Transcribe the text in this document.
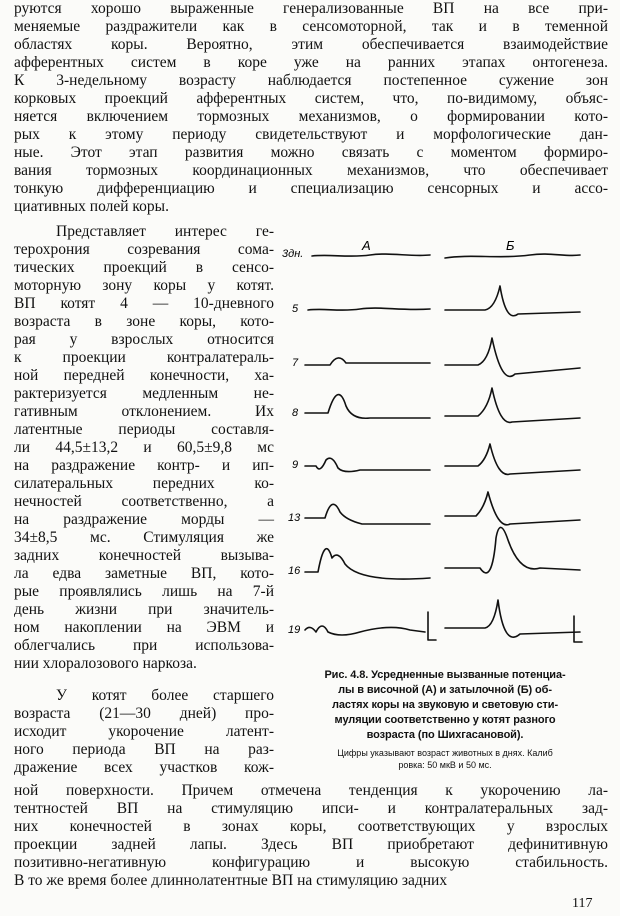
руются хорошо выраженные генерализованные ВП на все при-
меняемые раздражители как в сенсомоторной, так и в теменной
областях коры. Вероятно, этим обеспечивается взаимодействие
афферентных систем в коре уже на ранних этапах онтогенеза.
К 3-недельному возрасту наблюдается постепенное сужение зон
корковых проекций афферентных систем, что, по-видимому, объяс-
няется включением тормозных механизмов, о формировании кото-
рых к этому периоду свидетельствуют и морфологические дан-
ные. Этот этап развития можно связать с моментом формиро-
вания тормозных координационных механизмов, что обеспечивает
тонкую дифференциацию и специализацию сенсорных и ассо-
циативных полей коры.
Представляет интерес ге-
терохрония созревания сома-
тических проекций в сенсо-
моторную зону коры у котят.
ВП котят 4 — 10-дневного
возраста в зоне коры, кото-
рая у взрослых относится
к проекции контралатераль-
ной передней конечности, ха-
рактеризуется медленным не-
гативным отклонением. Их
латентные периоды составля-
ли 44,5±13,2 и 60,5±9,8 мс
на раздражение контр- и ип-
силатеральных передних ко-
нечностей соответственно, а
на раздражение морды —
34±8,5 мс. Стимуляция же
задних конечностей вызыва-
ла едва заметные ВП, кото-
рые проявлялись лишь на 7-й
день жизни при значитель-
ном накоплении на ЭВМ и
облегчались при использова-
нии хлоралозового наркоза.
У котят более старшего
возраста (21—30 дней) про-
исходит укорочение латент-
ного периода ВП на раз-
дражение всех участков кож-
ной поверхности. Причем отмечена тенденция к укорочению ла-
тентностей ВП на стимуляцию ипси- и контралатеральных зад-
них конечностей в зонах коры, соответствующих у взрослых
проекции задней лапы. Здесь ВП приобретают дефинитивную
позитивно-негативную конфигурацию и высокую стабильность.
В то же время более длиннолатентные ВП на стимуляцию задних
А	Б
3дн.
5
7
8
9
13
16
19
Рис. 4.8. Усредненные вызванные потенциа-
лы в височной (А) и затылочной (Б) об-
ластях коры на звуковую и световую сти-
муляции соответственно у котят разного
возраста (по Шихгасановой).
Цифры указывают возраст животных в днях. Калиб
ровка: 50 мкВ и 50 мс.
117
